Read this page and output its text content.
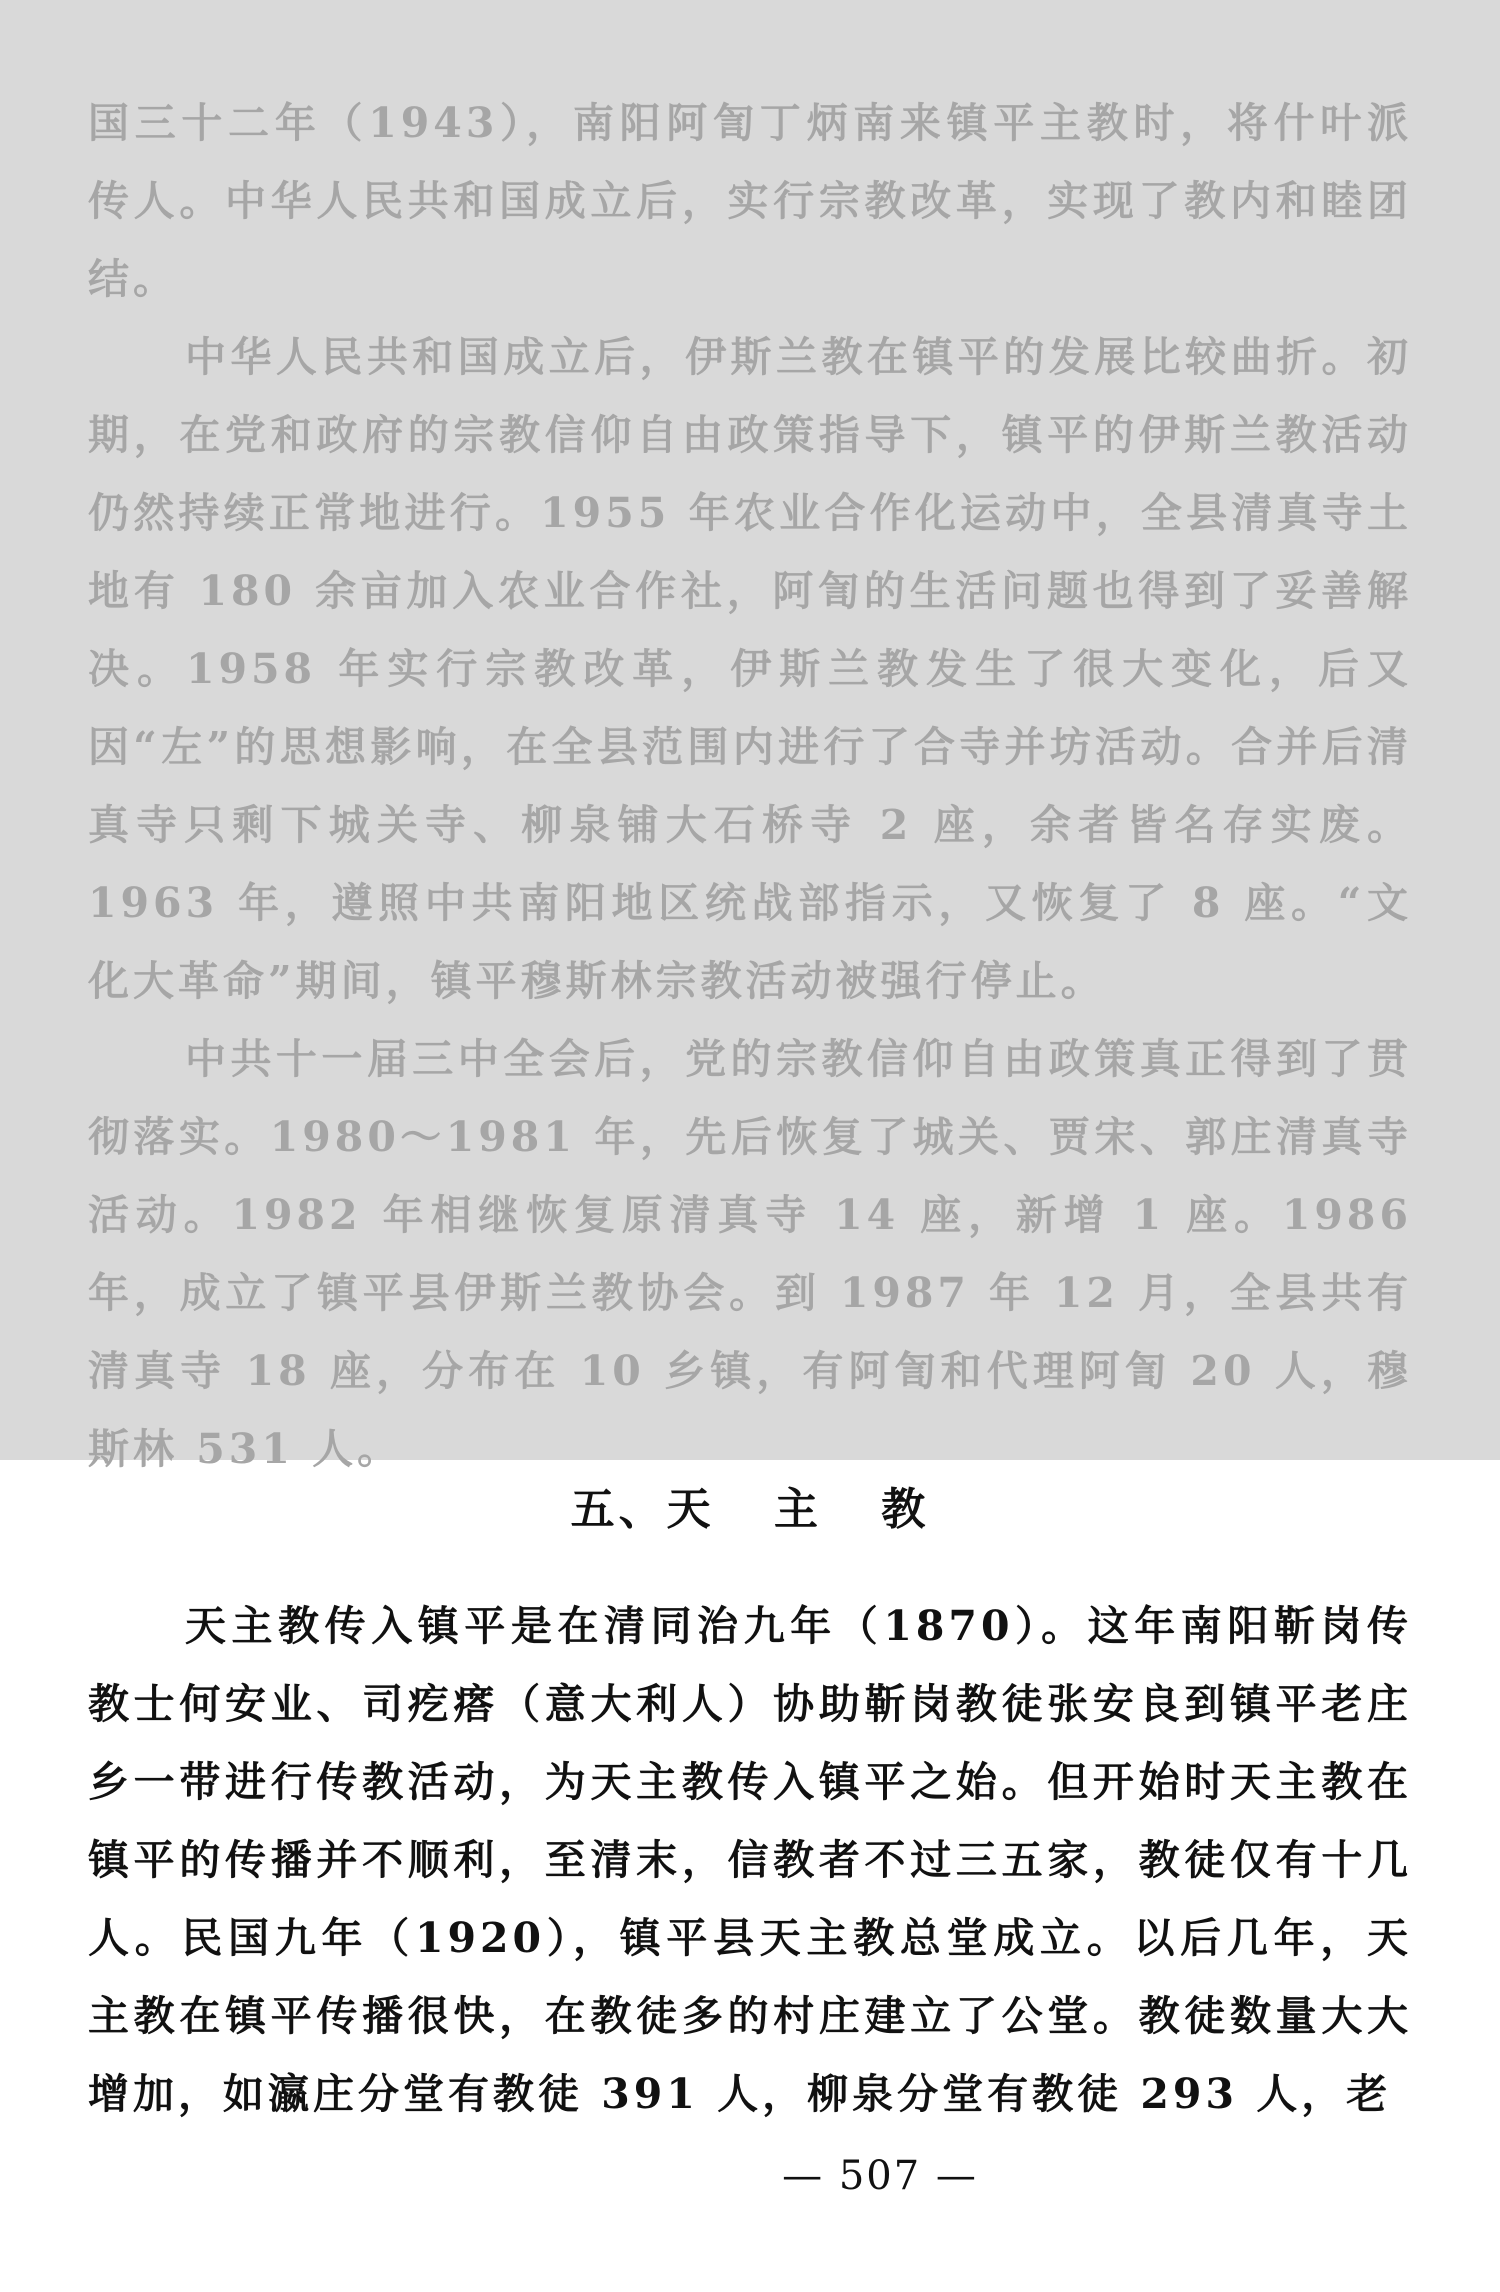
国三十二年（1943），南阳阿訇丁炳南来镇平主教时，将什叶派传人。中华人民共和国成立后，实行宗教改革，实现了教内和睦团结。

中华人民共和国成立后，伊斯兰教在镇平的发展比较曲折。初期，在党和政府的宗教信仰自由政策指导下，镇平的伊斯兰教活动仍然持续正常地进行。1955 年农业合作化运动中，全县清真寺土地有 180 余亩加入农业合作社，阿訇的生活问题也得到了妥善解决。1958 年实行宗教改革，伊斯兰教发生了很大变化，后又因“左”的思想影响，在全县范围内进行了合寺并坊活动。合并后清真寺只剩下城关寺、柳泉铺大石桥寺 2 座，余者皆名存实废。1963 年，遵照中共南阳地区统战部指示，又恢复了 8 座。“文化大革命”期间，镇平穆斯林宗教活动被强行停止。

中共十一届三中全会后，党的宗教信仰自由政策真正得到了贯彻落实。1980～1981 年，先后恢复了城关、贾宋、郭庄清真寺活动。1982 年相继恢复原清真寺 14 座，新增 1 座。1986 年，成立了镇平县伊斯兰教协会。到 1987 年 12 月，全县共有清真寺 18 座，分布在 10 乡镇，有阿訇和代理阿訇 20 人，穆斯林 531 人。

五、天 主 教

天主教传入镇平是在清同治九年（1870）。这年南阳靳岗传教士何安业、司疙瘩（意大利人）协助靳岗教徒张安良到镇平老庄乡一带进行传教活动，为天主教传入镇平之始。但开始时天主教在镇平的传播并不顺利，至清末，信教者不过三五家，教徒仅有十几人。民国九年（1920），镇平县天主教总堂成立。以后几年，天主教在镇平传播很快，在教徒多的村庄建立了公堂。教徒数量大大增加，如瀛庄分堂有教徒 391 人，柳泉分堂有教徒 293 人，老

— 507 —
